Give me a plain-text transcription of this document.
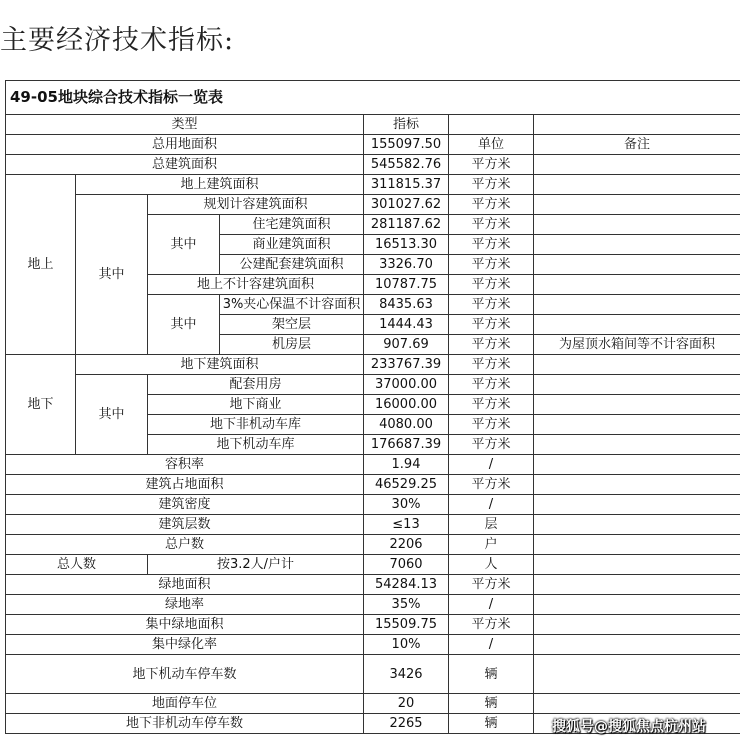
主要经济技术指标:
49-05地块综合技术指标一览表						
类型				指标		
总用地面积				155097.50	单位	备注
总建筑面积				545582.76	平方米	
地上	地上建筑面积			311815.37	平方米	
	其中	规划计容建筑面积		301027.62	平方米	
		其中	住宅建筑面积	281187.62	平方米	
			商业建筑面积	16513.30	平方米	
			公建配套建筑面积	3326.70	平方米	
		地上不计容建筑面积		10787.75	平方米	
		其中	3%夹心保温不计容面积	8435.63	平方米	
			架空层	1444.43	平方米	
			机房层	907.69	平方米	为屋顶水箱间等不计容面积
地下	地下建筑面积			233767.39	平方米	
	其中	配套用房		37000.00	平方米	
		地下商业		16000.00	平方米	
		地下非机动车库		4080.00	平方米	
		地下机动车库		176687.39	平方米	
容积率				1.94	/	
建筑占地面积				46529.25	平方米	
建筑密度				30%	/	
建筑层数				≤13	层	
总户数				2206	户	
总人数		按3.2人/户计		7060	人	
绿地面积				54284.13	平方米	
绿地率				35%	/	
集中绿地面积				15509.75	平方米	
集中绿化率				10%	/	
地下机动车停车数				3426	辆	
地面停车位				20	辆	
地下非机动车停车数				2265	辆		搜狐号@搜狐焦点杭州站
